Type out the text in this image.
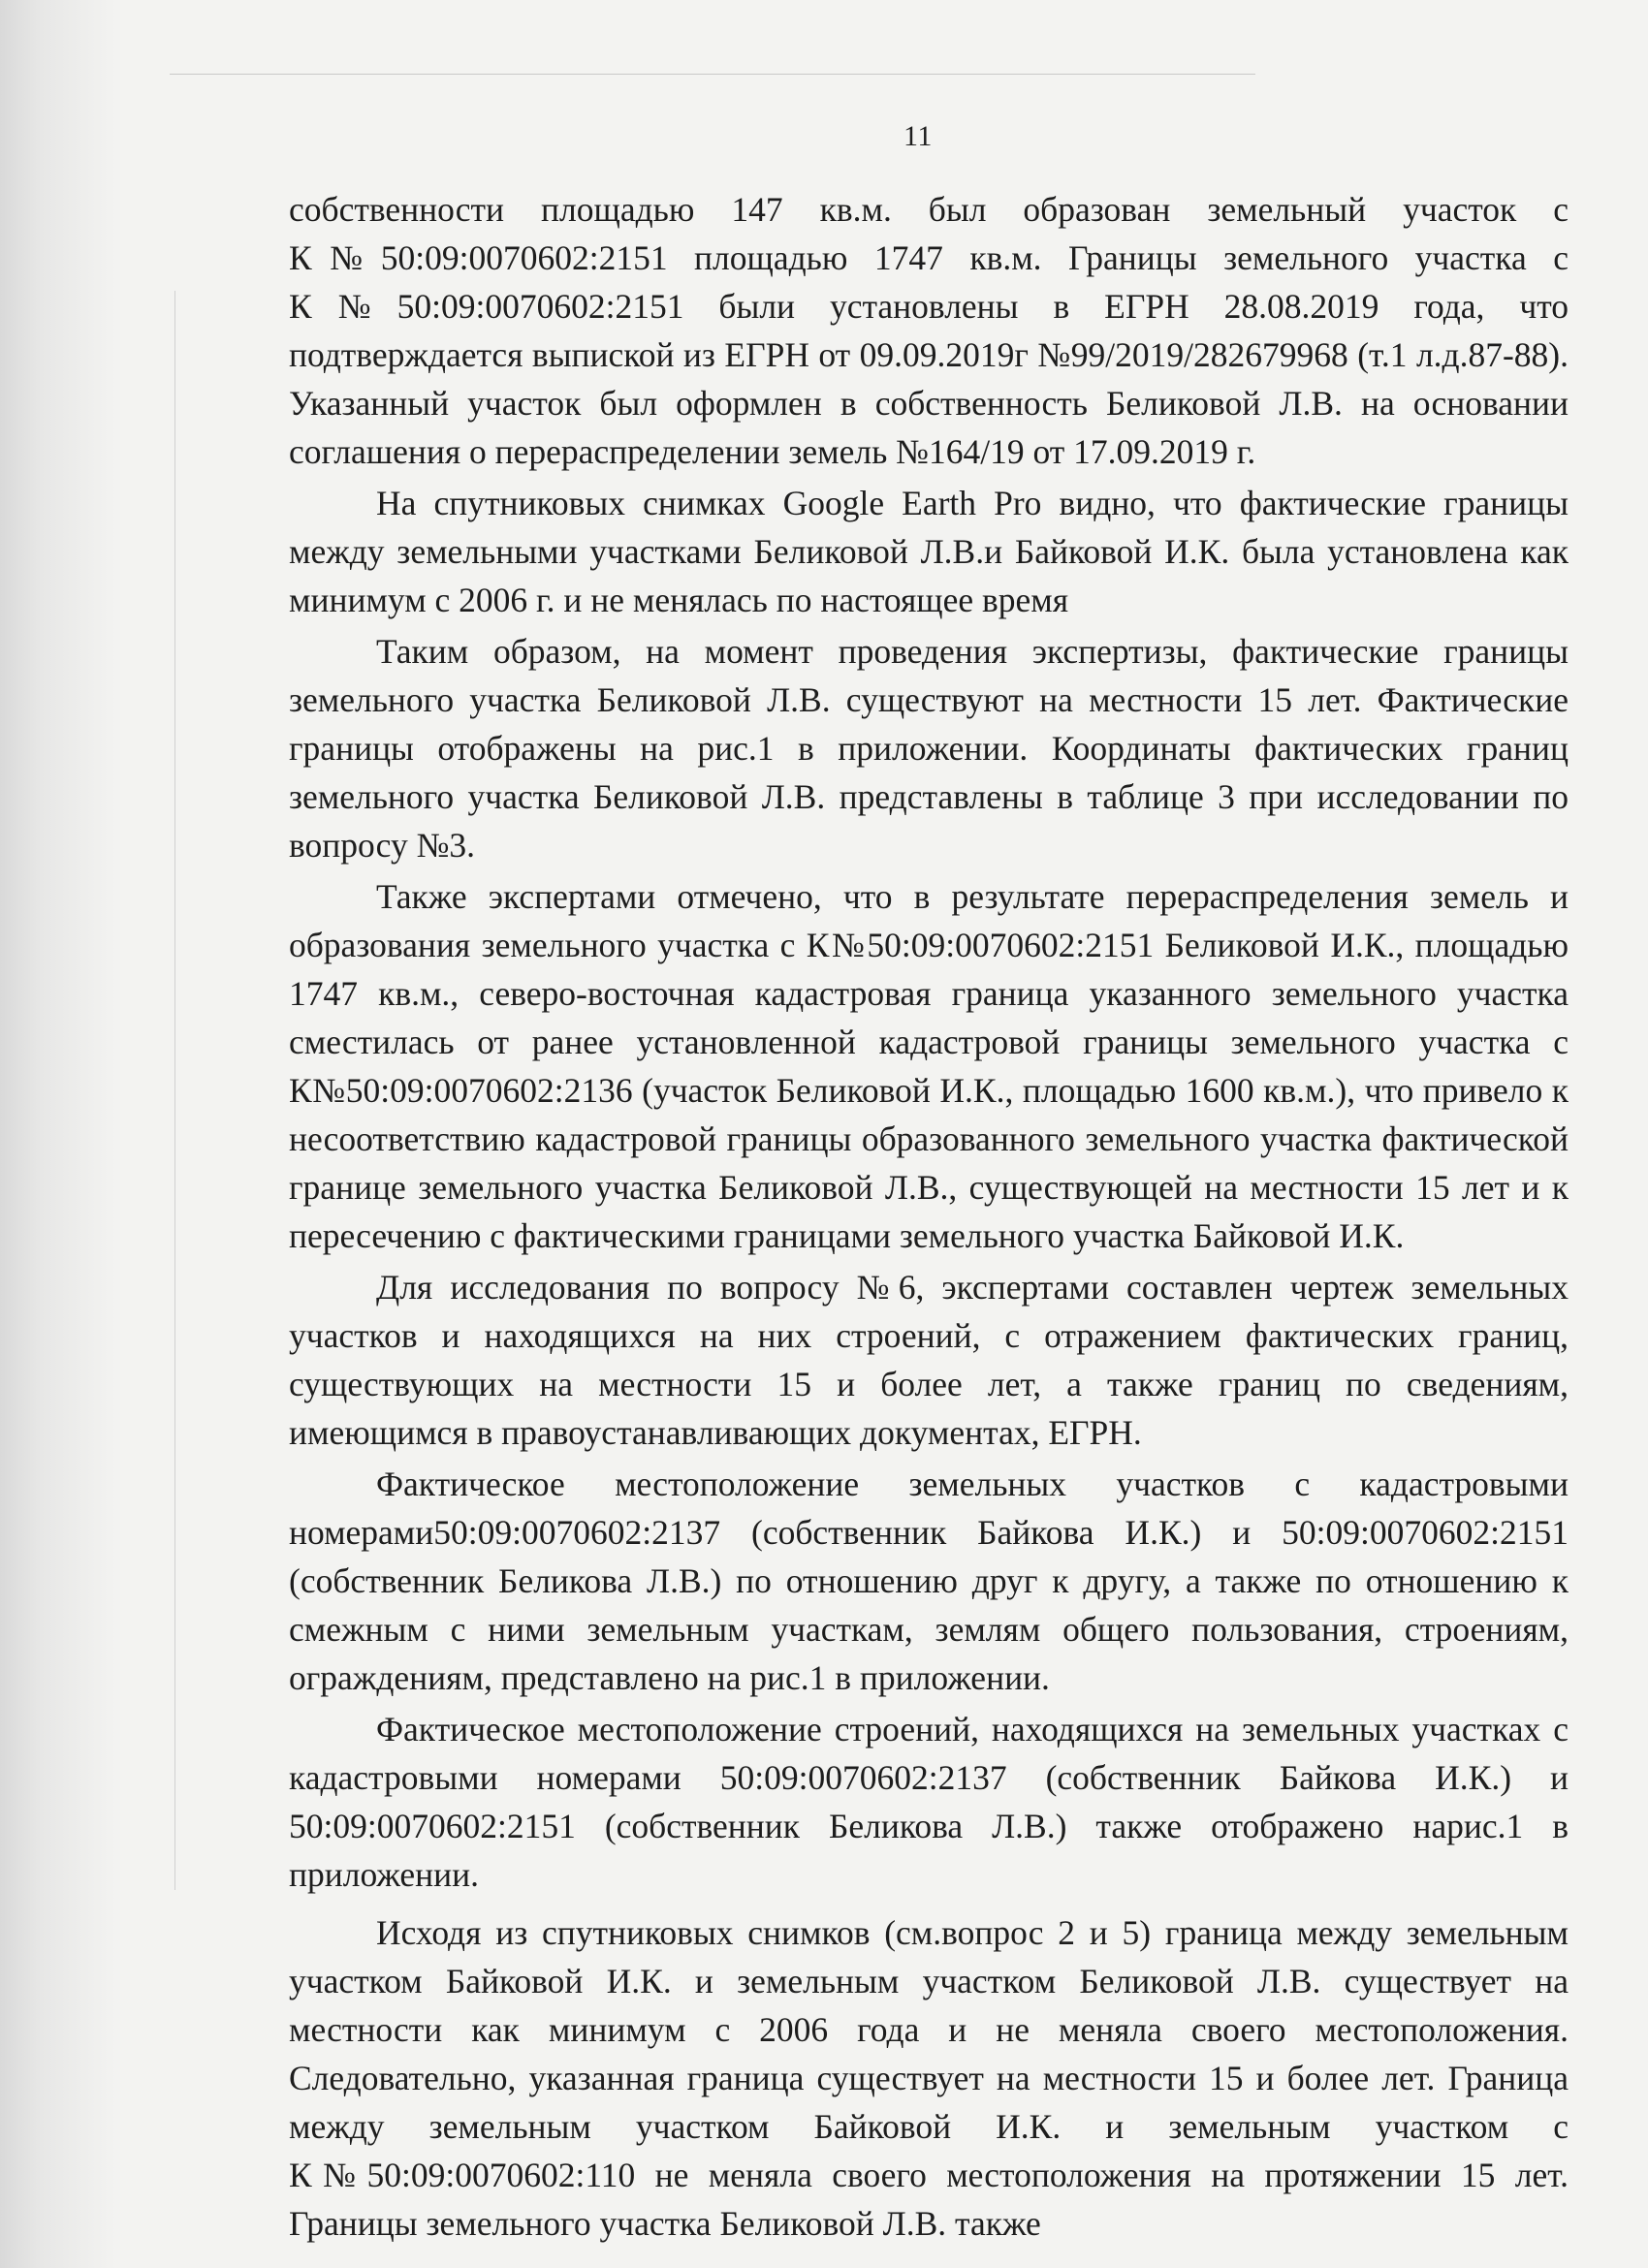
11

собственности площадью 147 кв.м. был образован земельный участок с К№50:09:0070602:2151 площадью 1747 кв.м. Границы земельного участка с К№50:09:0070602:2151 были установлены в ЕГРН 28.08.2019 года, что подтверждается выпиской из ЕГРН от 09.09.2019г №99/2019/282679968 (т.1 л.д.87-88). Указанный участок был оформлен в собственность Беликовой Л.В. на основании соглашения о перераспределении земель №164/19 от 17.09.2019 г.

На спутниковых снимках Google Earth Pro видно, что фактические границы между земельными участками Беликовой Л.В.и Байковой И.К. была установлена как минимум с 2006 г. и не менялась по настоящее время

Таким образом, на момент проведения экспертизы, фактические границы земельного участка Беликовой Л.В. существуют на местности 15 лет. Фактические границы отображены на рис.1 в приложении. Координаты фактических границ земельного участка Беликовой Л.В. представлены в таблице 3 при исследовании по вопросу №3.

Также экспертами отмечено, что в результате перераспределения земель и образования земельного участка с К№50:09:0070602:2151 Беликовой И.К., площадью 1747 кв.м., северо-восточная кадастровая граница указанного земельного участка сместилась от ранее установленной кадастровой границы земельного участка с К№50:09:0070602:2136 (участок Беликовой И.К., площадью 1600 кв.м.), что привело к несоответствию кадастровой границы образованного земельного участка фактической границе земельного участка Беликовой Л.В., существующей на местности 15 лет и к пересечению с фактическими границами земельного участка Байковой И.К.

Для исследования по вопросу №6, экспертами составлен чертеж земельных участков и находящихся на них строений, с отражением фактических границ, существующих на местности 15 и более лет, а также границ по сведениям, имеющимся в правоустанавливающих документах, ЕГРН.

Фактическое местоположение земельных участков с кадастровыми номерами50:09:0070602:2137 (собственник Байкова И.К.) и 50:09:0070602:2151 (собственник Беликова Л.В.) по отношению друг к другу, а также по отношению к смежным с ними земельным участкам, землям общего пользования, строениям, ограждениям, представлено на рис.1 в приложении.

Фактическое местоположение строений, находящихся на земельных участках с кадастровыми номерами 50:09:0070602:2137 (собственник Байкова И.К.) и 50:09:0070602:2151 (собственник Беликова Л.В.) также отображено нарис.1 в приложении.

Исходя из спутниковых снимков (см.вопрос 2 и 5) граница между земельным участком Байковой И.К. и земельным участком Беликовой Л.В. существует на местности как минимум с 2006 года и не меняла своего местоположения. Следовательно, указанная граница существует на местности 15 и более лет. Граница между земельным участком Байковой И.К. и земельным участком с К№50:09:0070602:110 не меняла своего местоположения на протяжении 15 лет. Границы земельного участка Беликовой Л.В. также
